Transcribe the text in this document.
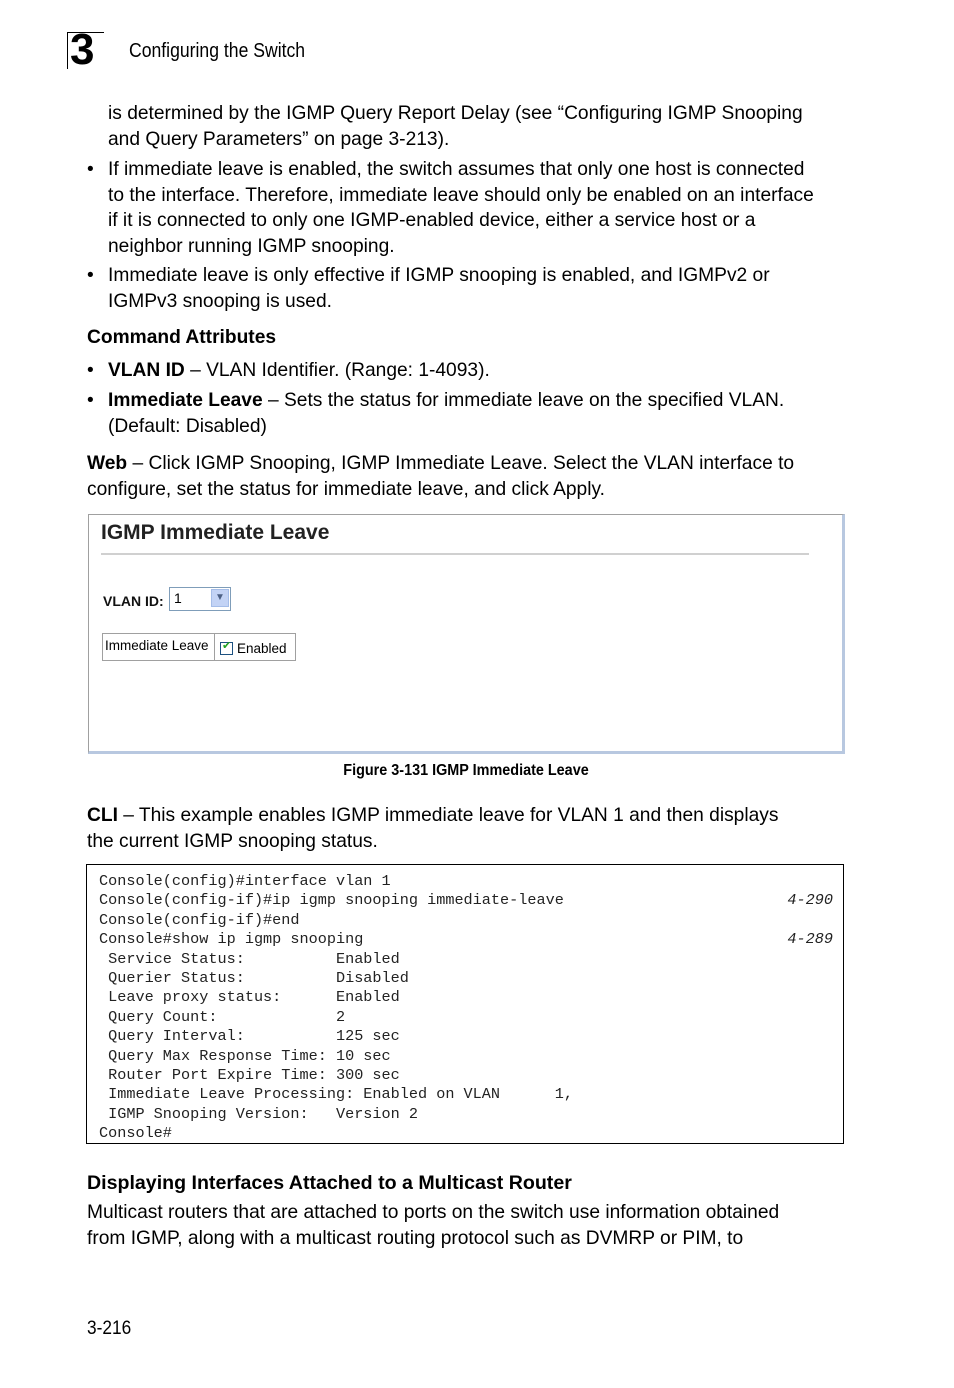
3 Configuring the Switch
is determined by the IGMP Query Report Delay (see “Configuring IGMP Snooping
and Query Parameters” on page 3-213).
• If immediate leave is enabled, the switch assumes that only one host is connected
to the interface. Therefore, immediate leave should only be enabled on an interface
if it is connected to only one IGMP-enabled device, either a service host or a
neighbor running IGMP snooping.
• Immediate leave is only effective if IGMP snooping is enabled, and IGMPv2 or
IGMPv3 snooping is used.
Command Attributes
• VLAN ID – VLAN Identifier. (Range: 1-4093).
• Immediate Leave – Sets the status for immediate leave on the specified VLAN.
(Default: Disabled)
Web – Click IGMP Snooping, IGMP Immediate Leave. Select the VLAN interface to
configure, set the status for immediate leave, and click Apply.
IGMP Immediate Leave
VLAN ID: 1	▼
Immediate Leave	✔ Enabled
Figure 3-131 IGMP Immediate Leave
CLI – This example enables IGMP immediate leave for VLAN 1 and then displays
the current IGMP snooping status.
Console(config)#interface vlan 1
Console(config-if)#ip igmp snooping immediate-leave	4-290
Console(config-if)#end
Console#show ip igmp snooping	4-289
Service Status:          Enabled
Querier Status:          Disabled
Leave proxy status:      Enabled
Query Count:             2
Query Interval:          125 sec
Query Max Response Time: 10 sec
Router Port Expire Time: 300 sec
Immediate Leave Processing: Enabled on VLAN      1,
IGMP Snooping Version:   Version 2
Console#
Displaying Interfaces Attached to a Multicast Router
Multicast routers that are attached to ports on the switch use information obtained
from IGMP, along with a multicast routing protocol such as DVMRP or PIM, to
3-216
